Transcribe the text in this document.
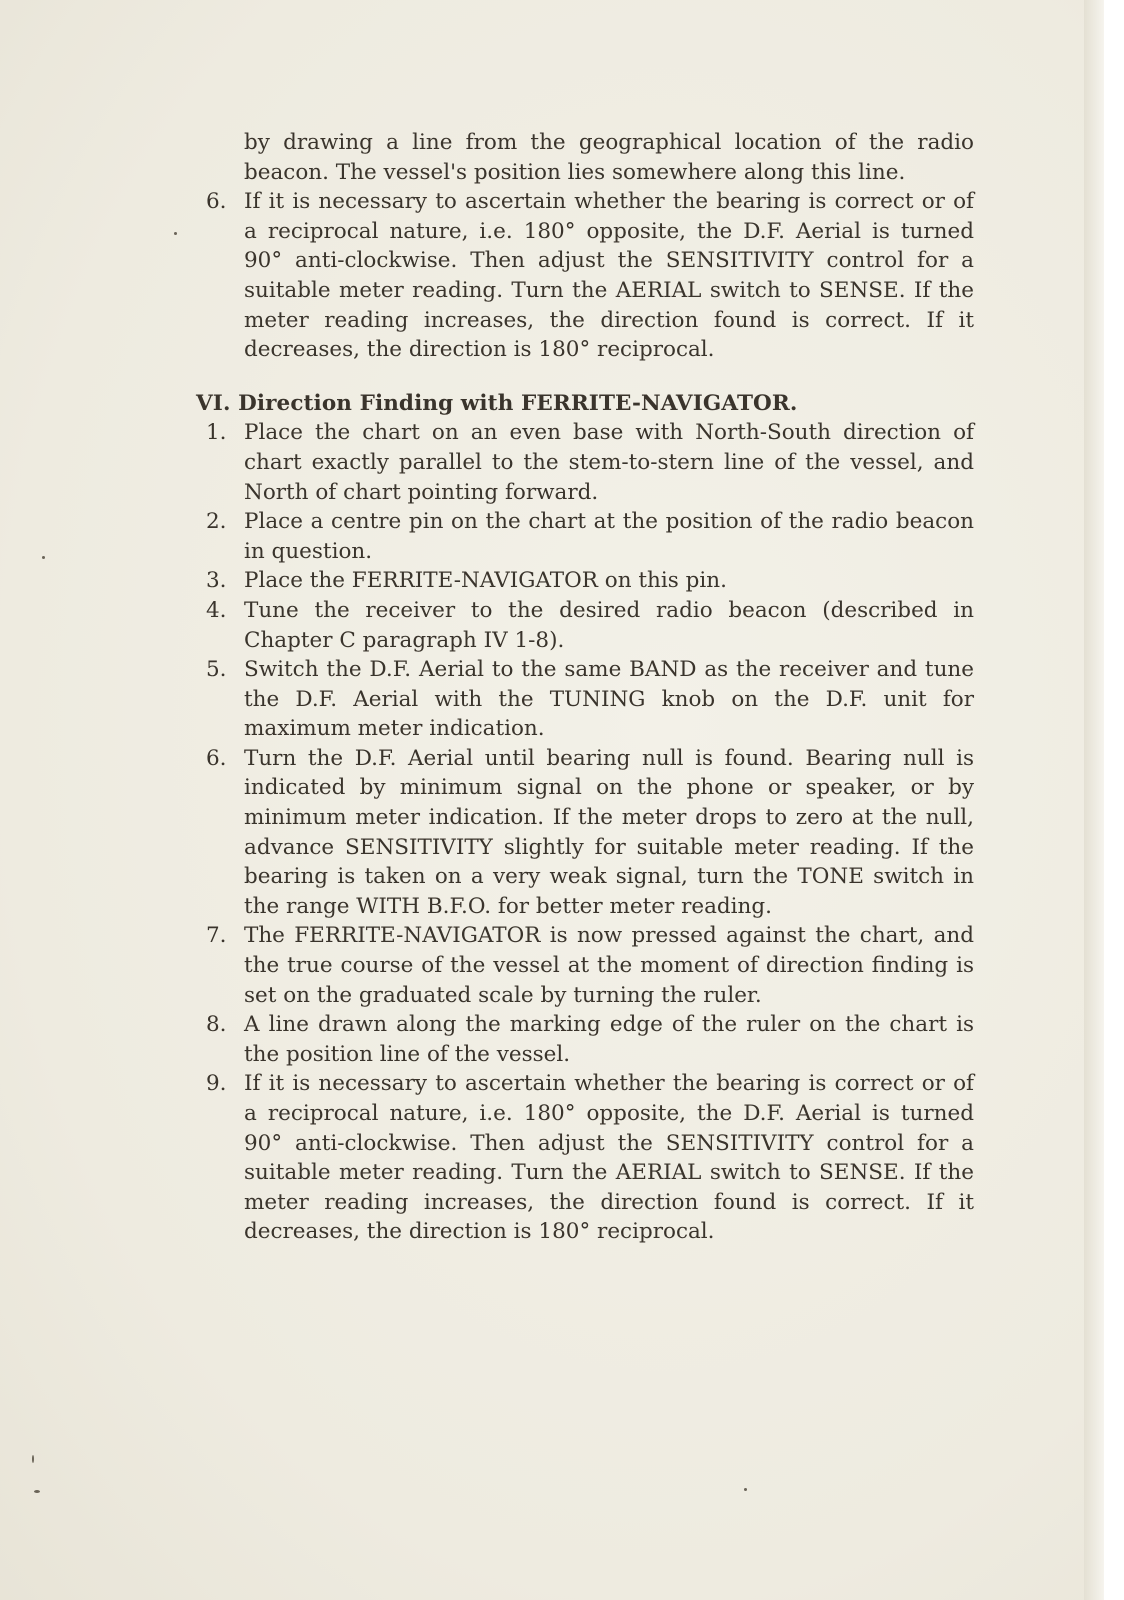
by drawing a line from the geographical location of the radio beacon. The vessel's position lies somewhere along this line.

6. If it is necessary to ascertain whether the bearing is correct or of a reciprocal nature, i.e. 180° opposite, the D.F. Aerial is turned 90° anti-clockwise. Then adjust the SENSITIVITY control for a suitable meter reading. Turn the AERIAL switch to SENSE. If the meter reading increases, the direction found is correct. If it decreases, the direction is 180° reciprocal.

VI. Direction Finding with FERRITE-NAVIGATOR.

1. Place the chart on an even base with North-South direction of chart exactly parallel to the stem-to-stern line of the vessel, and North of chart pointing forward.
2. Place a centre pin on the chart at the position of the radio beacon in question.
3. Place the FERRITE-NAVIGATOR on this pin.
4. Tune the receiver to the desired radio beacon (described in Chapter C paragraph IV 1-8).
5. Switch the D.F. Aerial to the same BAND as the receiver and tune the D.F. Aerial with the TUNING knob on the D.F. unit for maximum meter indication.
6. Turn the D.F. Aerial until bearing null is found. Bearing null is indicated by minimum signal on the phone or speaker, or by minimum meter indication. If the meter drops to zero at the null, advance SENSITIVITY slightly for suitable meter reading. If the bearing is taken on a very weak signal, turn the TONE switch in the range WITH B.F.O. for better meter reading.
7. The FERRITE-NAVIGATOR is now pressed against the chart, and the true course of the vessel at the moment of direction finding is set on the graduated scale by turning the ruler.
8. A line drawn along the marking edge of the ruler on the chart is the position line of the vessel.
9. If it is necessary to ascertain whether the bearing is correct or of a reciprocal nature, i.e. 180° opposite, the D.F. Aerial is turned 90° anti-clockwise. Then adjust the SENSITIVITY control for a suitable meter reading. Turn the AERIAL switch to SENSE. If the meter reading increases, the direction found is correct. If it decreases, the direction is 180° reciprocal.
